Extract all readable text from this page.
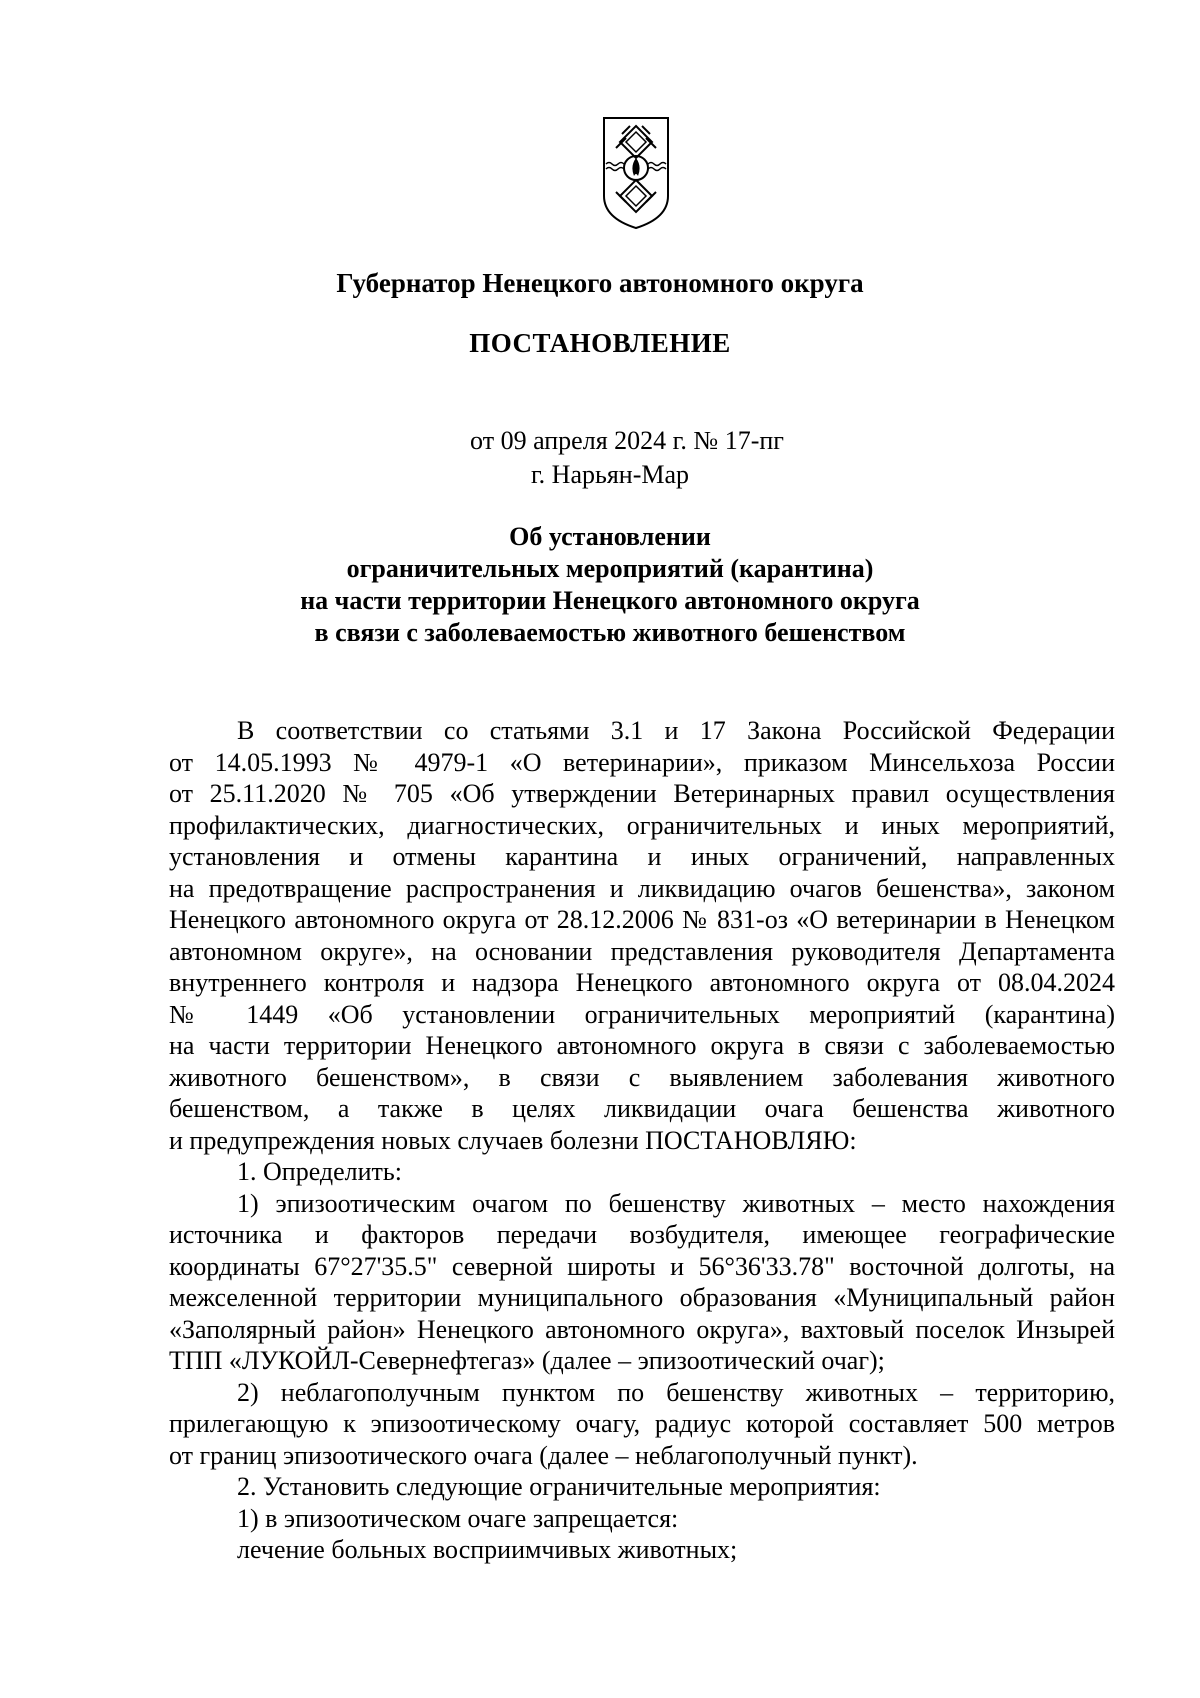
Губернатор Ненецкого автономного округа
ПОСТАНОВЛЕНИЕ
от 09 апреля 2024 г. № 17-пг
г. Нарьян-Мар
Об установлении
ограничительных мероприятий (карантина)
на части территории Ненецкого автономного округа
в связи с заболеваемостью животного бешенством
В соответствии со статьями 3.1 и 17 Закона Российской Федерации
от 14.05.1993 № 4979-1 «О ветеринарии», приказом Минсельхоза России
от 25.11.2020 № 705 «Об утверждении Ветеринарных правил осуществления
профилактических, диагностических, ограничительных и иных мероприятий,
установления и отмены карантина и иных ограничений, направленных
на предотвращение распространения и ликвидацию очагов бешенства», законом
Ненецкого автономного округа от 28.12.2006 № 831-оз «О ветеринарии в Ненецком
автономном округе», на основании представления руководителя Департамента
внутреннего контроля и надзора Ненецкого автономного округа от 08.04.2024
№ 1449 «Об установлении ограничительных мероприятий (карантина)
на части территории Ненецкого автономного округа в связи с заболеваемостью
животного бешенством», в связи с выявлением заболевания животного
бешенством, а также в целях ликвидации очага бешенства животного
и предупреждения новых случаев болезни ПОСТАНОВЛЯЮ:
1. Определить:
1) эпизоотическим очагом по бешенству животных – место нахождения
источника и факторов передачи возбудителя, имеющее географические
координаты 67°27'35.5" северной широты и 56°36'33.78" восточной долготы, на
межселенной территории муниципального образования «Муниципальный район
«Заполярный район» Ненецкого автономного округа», вахтовый поселок Инзырей
ТПП «ЛУКОЙЛ-Севернефтегаз» (далее – эпизоотический очаг);
2) неблагополучным пунктом по бешенству животных – территорию,
прилегающую к эпизоотическому очагу, радиус которой составляет 500 метров
от границ эпизоотического очага (далее – неблагополучный пункт).
2. Установить следующие ограничительные мероприятия:
1) в эпизоотическом очаге запрещается:
лечение больных восприимчивых животных;
